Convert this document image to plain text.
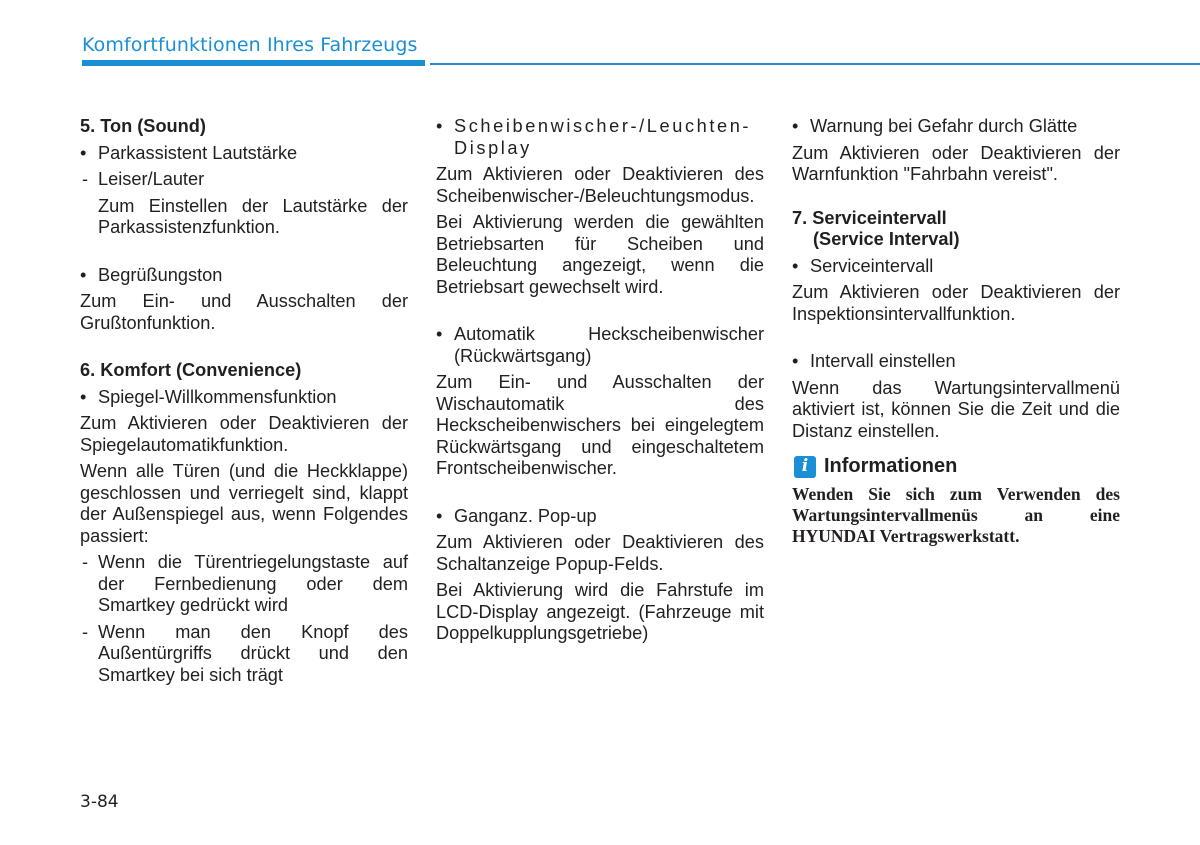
Komfortfunktionen Ihres Fahrzeugs
5. Ton (Sound)
• Parkassistent Lautstärke
- Leiser/Lauter
Zum Einstellen der Lautstärke der Parkassistenzfunktion.
• Begrüßungston
Zum Ein- und Ausschalten der Grußtonfunktion.
6. Komfort (Convenience)
• Spiegel-Willkommensfunktion
Zum Aktivieren oder Deaktivieren der Spiegelautomatikfunktion.
Wenn alle Türen (und die Heckklappe) geschlossen und verriegelt sind, klappt der Außenspiegel aus, wenn Folgendes passiert:
- Wenn die Türentriegelungstaste auf der Fernbedienung oder dem Smartkey gedrückt wird
- Wenn man den Knopf des Außentürgriffs drückt und den Smartkey bei sich trägt
• Scheibenwischer-/Leuchten-Display
Zum Aktivieren oder Deaktivieren des Scheibenwischer-/Beleuchtungsmodus.
Bei Aktivierung werden die gewählten Betriebsarten für Scheiben und Beleuchtung angezeigt, wenn die Betriebsart gewechselt wird.
• Automatik Heckscheibenwischer (Rückwärtsgang)
Zum Ein- und Ausschalten der Wischautomatik des Heckscheibenwischers bei eingelegtem Rückwärtsgang und eingeschaltetem Frontscheibenwischer.
• Ganganz. Pop-up
Zum Aktivieren oder Deaktivieren des Schaltanzeige Popup-Felds.
Bei Aktivierung wird die Fahrstufe im LCD-Display angezeigt. (Fahrzeuge mit Doppelkupplungsgetriebe)
• Warnung bei Gefahr durch Glätte
Zum Aktivieren oder Deaktivieren der Warnfunktion "Fahrbahn vereist".
7. Serviceintervall
(Service Interval)
• Serviceintervall
Zum Aktivieren oder Deaktivieren der Inspektionsintervallfunktion.
• Intervall einstellen
Wenn das Wartungsintervallmenü aktiviert ist, können Sie die Zeit und die Distanz einstellen.
i Informationen
Wenden Sie sich zum Verwenden des Wartungsintervallmenüs an eine HYUNDAI Vertragswerkstatt.
3-84
